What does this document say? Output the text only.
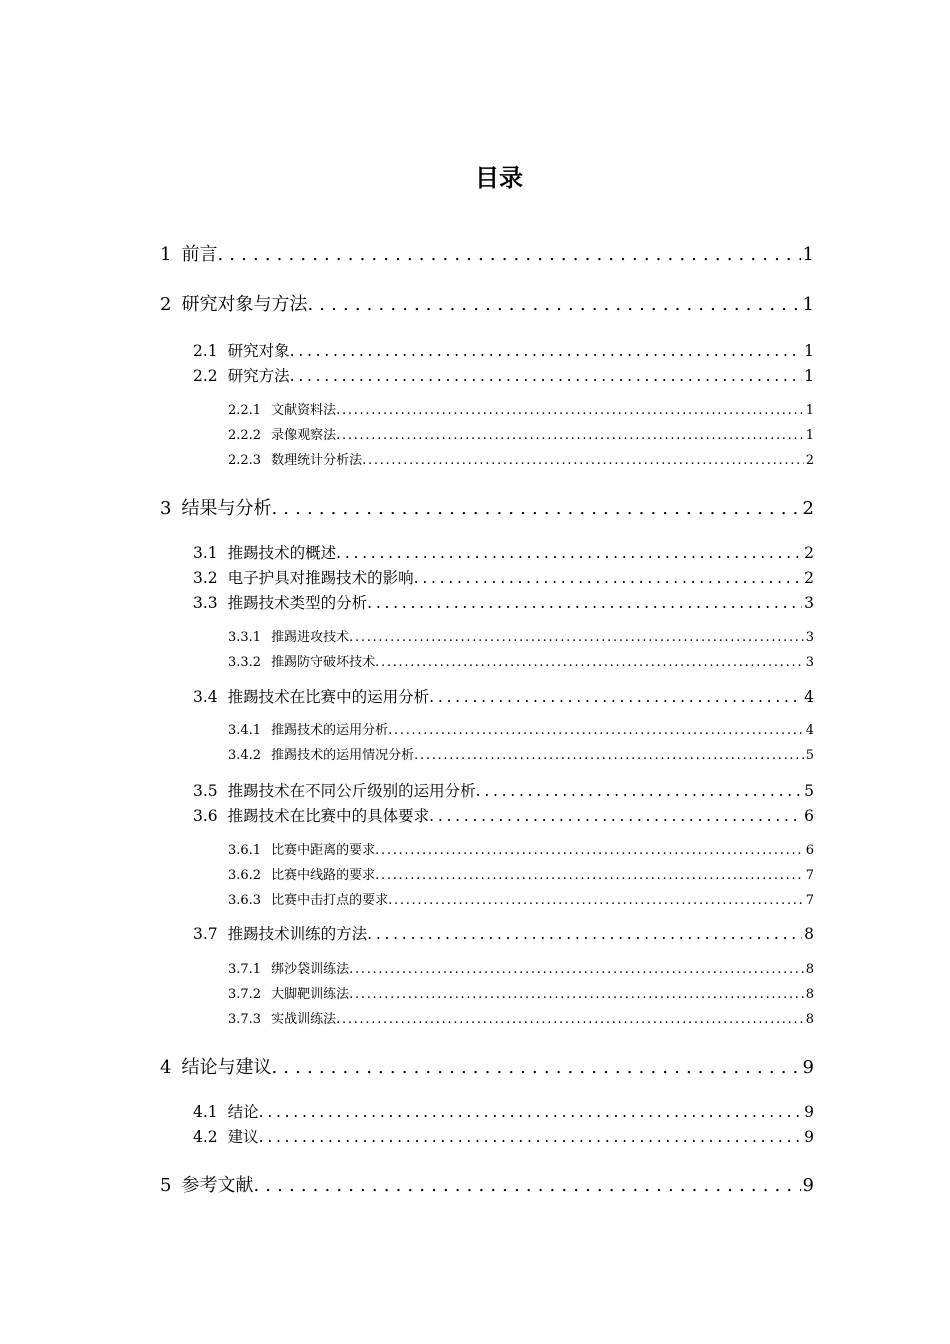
目录
1 前言 . . .	1
2 研究对象与方法 . . .	1
2.1 研究对象 . . .	1
2.2 研究方法 . . .	1
2.2.1 文献资料法 . . .	1
2.2.2 录像观察法 . . .	1
2.2.3 数理统计分析法 . . .	2
3 结果与分析 . . .	2
3.1 推踢技术的概述 . . .	2
3.2 电子护具对推踢技术的影响 . . .	2
3.3 推踢技术类型的分析 . . .	3
3.3.1 推踢进攻技术 . . .	3
3.3.2 推踢防守破坏技术 . . .	3
3.4 推踢技术在比赛中的运用分析 . . .	4
3.4.1 推踢技术的运用分析 . . .	4
3.4.2 推踢技术的运用情况分析 . . .	5
3.5 推踢技术在不同公斤级别的运用分析 . . .	5
3.6 推踢技术在比赛中的具体要求 . . .	6
3.6.1 比赛中距离的要求 . . .	6
3.6.2 比赛中线路的要求 . . .	7
3.6.3 比赛中击打点的要求 . . .	7
3.7 推踢技术训练的方法 . . .	8
3.7.1 绑沙袋训练法 . . .	8
3.7.2 大脚靶训练法 . . .	8
3.7.3 实战训练法 . . .	8
4 结论与建议 . . .	9
4.1 结论 . . .	9
4.2 建议 . . .	9
5 参考文献 . . .	9
